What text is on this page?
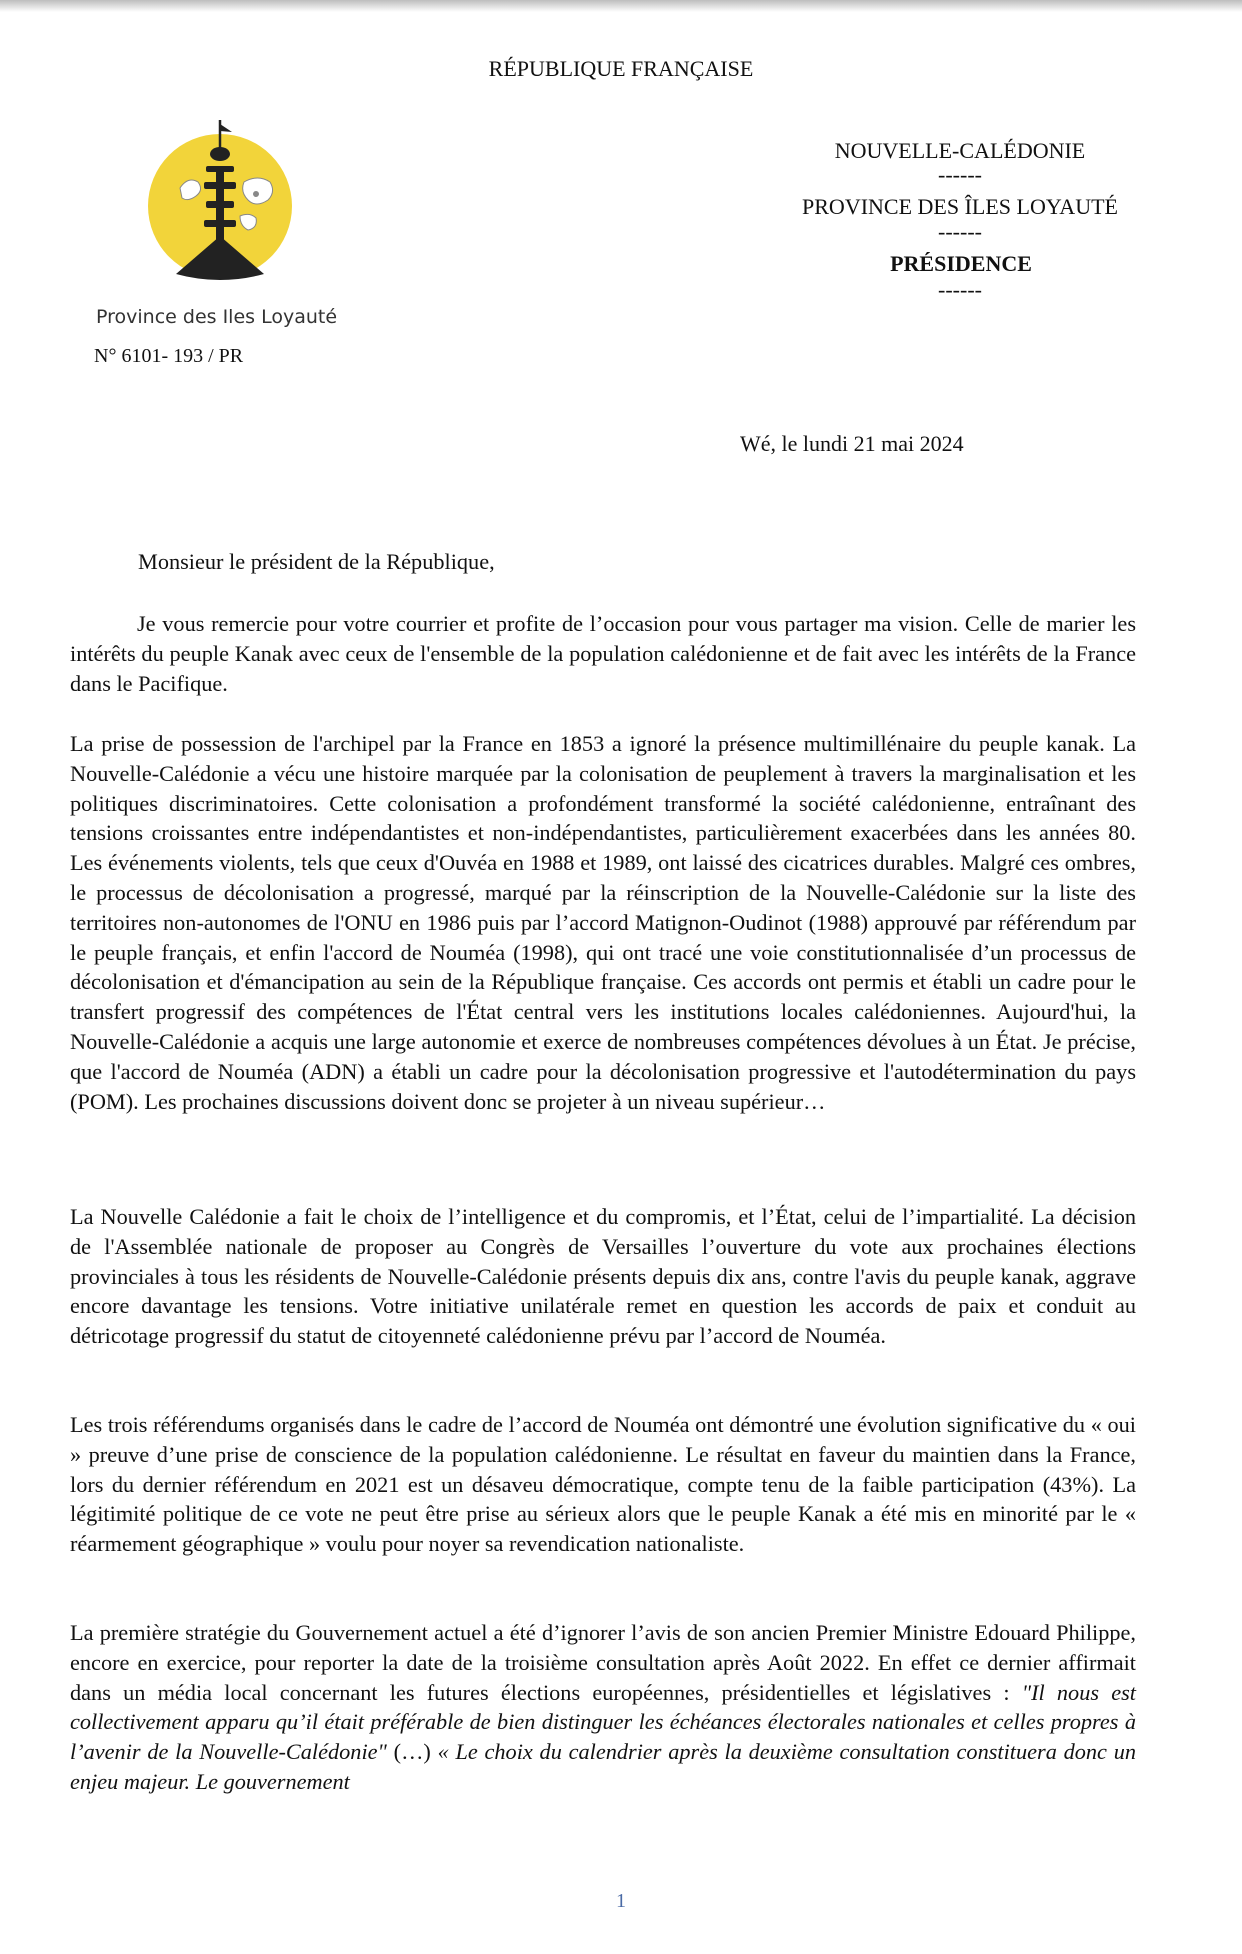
RÉPUBLIQUE FRANÇAISE
Province des Iles Loyauté
N° 6101- 193 / PR
NOUVELLE-CALÉDONIE
------
PROVINCE DES ÎLES LOYAUTÉ
------
PRÉSIDENCE
------
Wé, le lundi 21 mai 2024
Monsieur le président de la République,

Je vous remercie pour votre courrier et profite de l’occasion pour vous partager ma vision. Celle de marier les intérêts du peuple Kanak avec ceux de l'ensemble de la population calédonienne et de fait avec les intérêts de la France dans le Pacifique.

La prise de possession de l'archipel par la France en 1853 a ignoré la présence multimillénaire du peuple kanak. La Nouvelle-Calédonie a vécu une histoire marquée par la colonisation de peuplement à travers la marginalisation et les politiques discriminatoires. Cette colonisation a profondément transformé la société calédonienne, entraînant des tensions croissantes entre indépendantistes et non-indépendantistes, particulièrement exacerbées dans les années 80. Les événements violents, tels que ceux d'Ouvéa en 1988 et 1989, ont laissé des cicatrices durables. Malgré ces ombres, le processus de décolonisation a progressé, marqué par la réinscription de la Nouvelle-Calédonie sur la liste des territoires non-autonomes de l'ONU en 1986 puis par l’accord Matignon-Oudinot (1988) approuvé par référendum par le peuple français, et enfin l'accord de Nouméa (1998), qui ont tracé une voie constitutionnalisée d’un processus de décolonisation et d'émancipation au sein de la République française. Ces accords ont permis et établi un cadre pour le transfert progressif des compétences de l'État central vers les institutions locales calédoniennes. Aujourd'hui, la Nouvelle-Calédonie a acquis une large autonomie et exerce de nombreuses compétences dévolues à un État. Je précise, que l'accord de Nouméa (ADN) a établi un cadre pour la décolonisation progressive et l'autodétermination du pays (POM). Les prochaines discussions doivent donc se projeter à un niveau supérieur…

La Nouvelle Calédonie a fait le choix de l’intelligence et du compromis, et l’État, celui de l’impartialité. La décision de l'Assemblée nationale de proposer au Congrès de Versailles l’ouverture du vote aux prochaines élections provinciales à tous les résidents de Nouvelle-Calédonie présents depuis dix ans, contre l'avis du peuple kanak, aggrave encore davantage les tensions. Votre initiative unilatérale remet en question les accords de paix et conduit au détricotage progressif du statut de citoyenneté calédonienne prévu par l’accord de Nouméa.

Les trois référendums organisés dans le cadre de l’accord de Nouméa ont démontré une évolution significative du « oui » preuve d’une prise de conscience de la population calédonienne. Le résultat en faveur du maintien dans la France, lors du dernier référendum en 2021 est un désaveu démocratique, compte tenu de la faible participation (43%). La légitimité politique de ce vote ne peut être prise au sérieux alors que le peuple Kanak a été mis en minorité par le « réarmement géographique » voulu pour noyer sa revendication nationaliste.

La première stratégie du Gouvernement actuel a été d’ignorer l’avis de son ancien Premier Ministre Edouard Philippe, encore en exercice, pour reporter la date de la troisième consultation après Août 2022. En effet ce dernier affirmait dans un média local concernant les futures élections européennes, présidentielles et législatives : "Il nous est collectivement apparu qu’il était préférable de bien distinguer les échéances électorales nationales et celles propres à l’avenir de la Nouvelle-Calédonie" (…) « Le choix du calendrier après la deuxième consultation constituera donc un enjeu majeur. Le gouvernement

1
